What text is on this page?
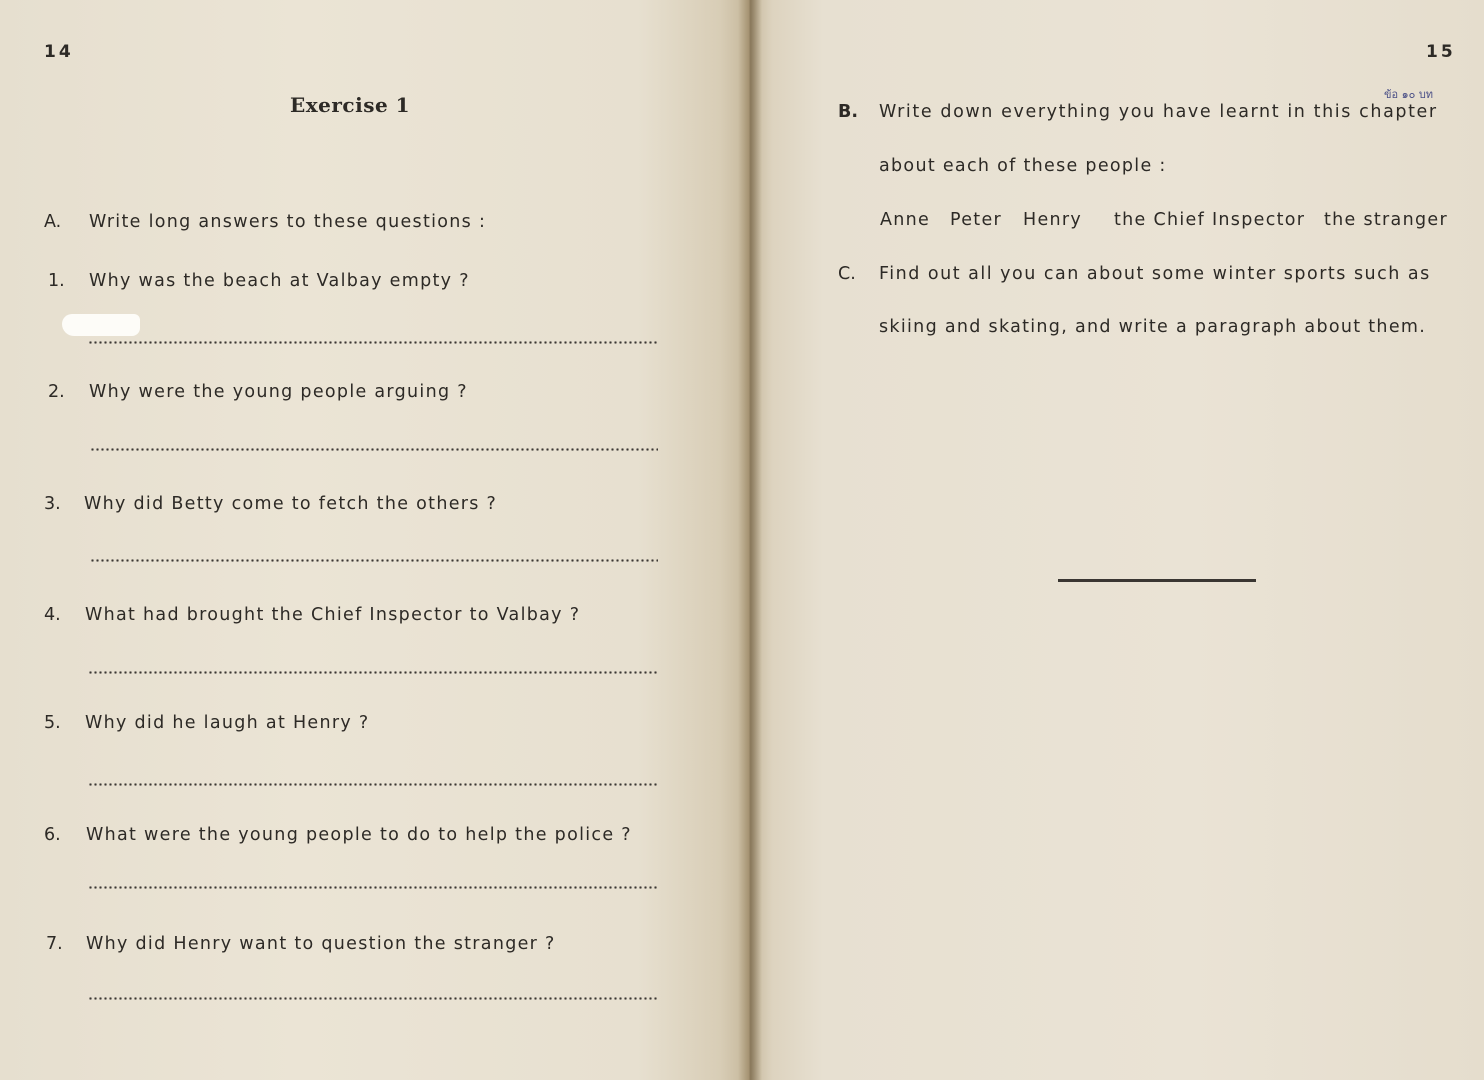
14
Exercise 1
A. Write long answers to these questions :
1. Why was the beach at Valbay empty ?
2. Why were the young people arguing ?
3. Why did Betty come to fetch the others ?
4. What had brought the Chief Inspector to Valbay ?
5. Why did he laugh at Henry ?
6. What were the young people to do to help the police ?
7. Why did Henry want to question the stranger ?
15
ข้อ ๑๐ บท
B. Write down everything you have learnt in this chapter
about each of these people :
Anne Peter Henry the Chief Inspector the stranger
C. Find out all you can about some winter sports such as
skiing and skating, and write a paragraph about them.
